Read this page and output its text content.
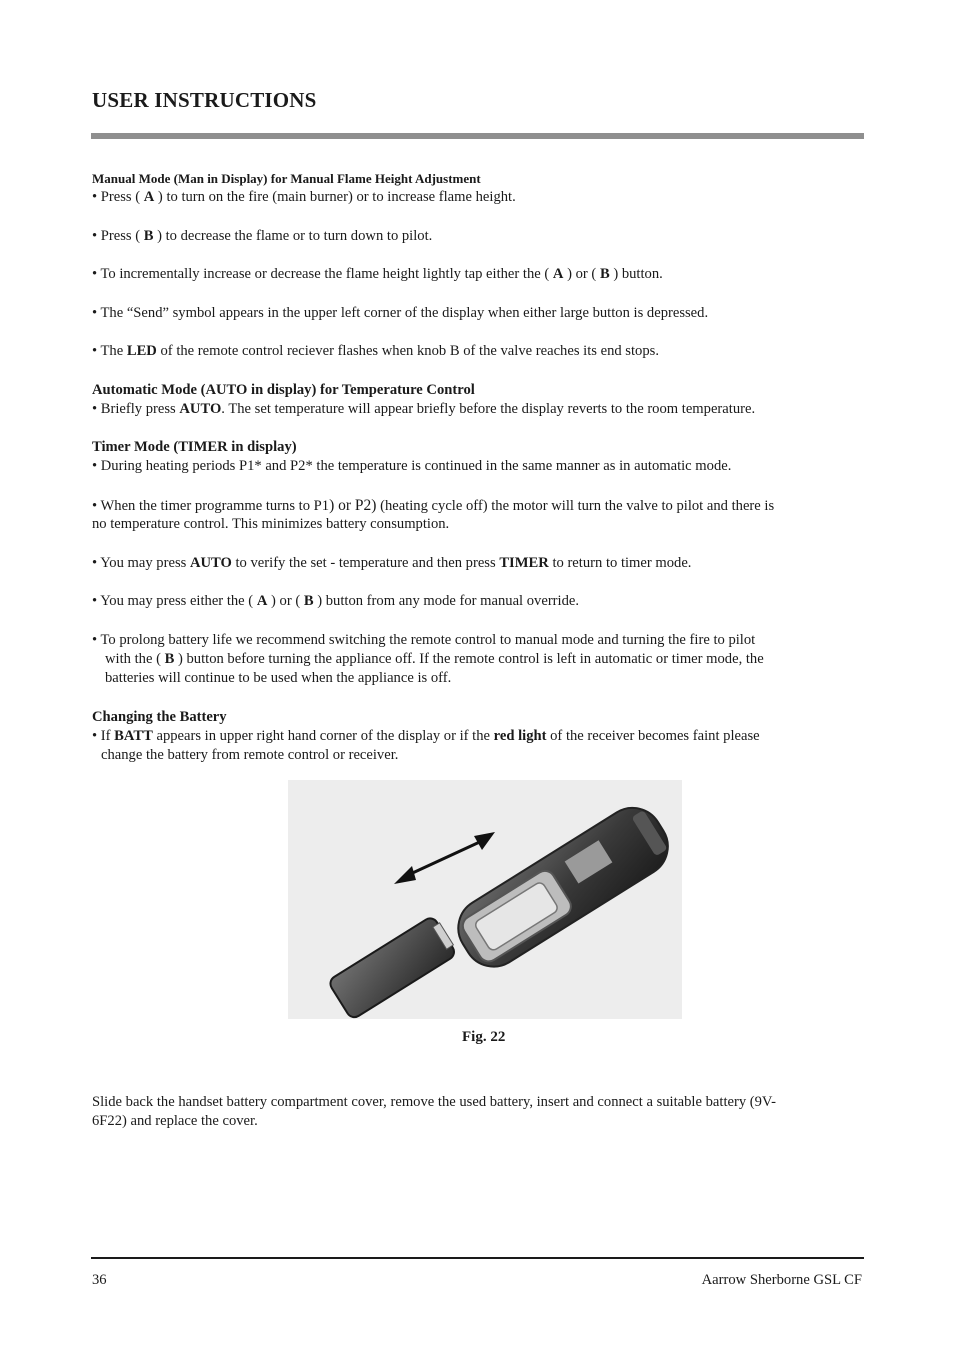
USER INSTRUCTIONS
Manual Mode (Man in Display) for Manual Flame Height Adjustment
• Press ( A ) to turn on the fire (main burner) or to increase flame height.
• Press ( B ) to decrease the flame or to turn down to pilot.
• To incrementally increase or decrease the flame height lightly tap either the ( A ) or ( B ) button.
• The “Send” symbol appears in the upper left corner of the display when either large button is depressed.
• The LED of the remote control reciever flashes when knob B of the valve reaches its end stops.
Automatic Mode (AUTO in display) for Temperature Control
• Briefly press AUTO. The set temperature will appear briefly before the display reverts to the room temperature.
Timer Mode (TIMER in display)
• During heating periods P1* and P2* the temperature is continued in the same manner as in automatic mode.
• When the timer programme turns to P1) or P2) (heating cycle off) the motor will turn the valve to pilot and there is
no temperature control. This minimizes battery consumption.
• You may press AUTO to verify the set - temperature and then press TIMER to return to timer mode.
• You may press either the ( A ) or ( B ) button from any mode for manual override.
• To prolong battery life we recommend switching the remote control to manual mode and turning the fire to pilot
with the ( B ) button before turning the appliance off. If the remote control is left in automatic or timer mode, the
batteries will continue to be used when the appliance is off.
Changing the Battery
• If BATT appears in upper right hand corner of the display or if the red light of the receiver becomes faint please
change the battery from remote control or receiver.
Fig. 22
Slide back the handset battery compartment cover, remove the used battery, insert and connect a suitable battery (9V-
6F22) and replace the cover.
36	Aarrow Sherborne GSL CF
